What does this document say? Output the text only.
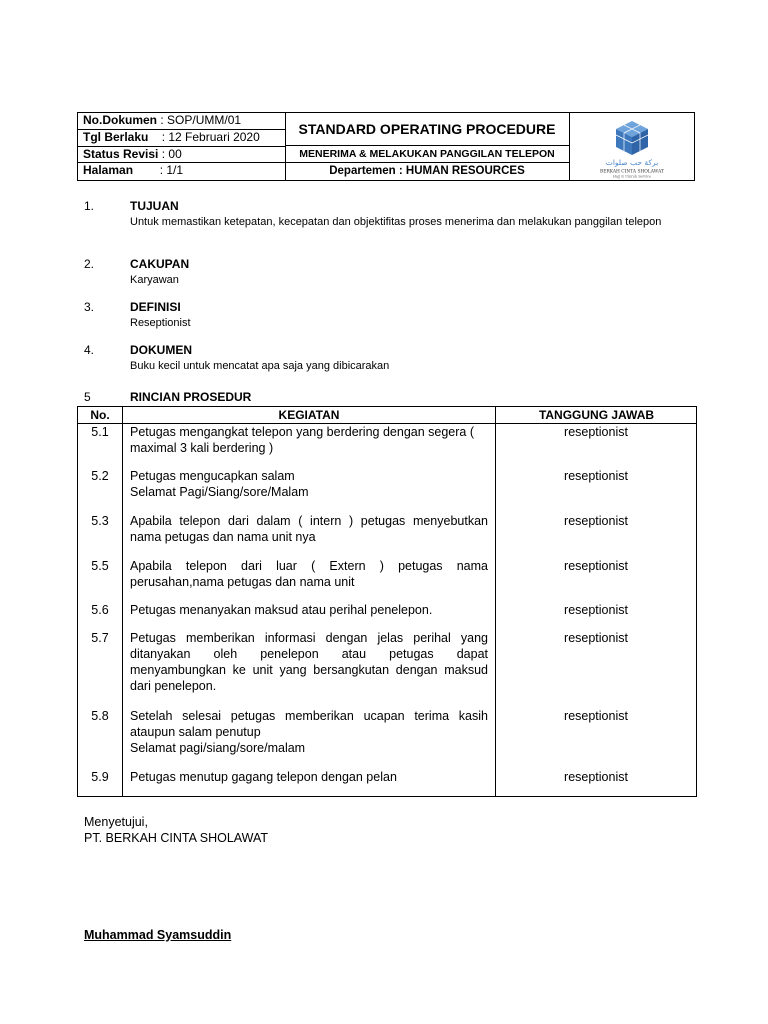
No.Dokumen : SOP/UMM/01
Tgl Berlaku    : 12 Februari 2020
Status Revisi : 00
Halaman        : 1/1
STANDARD OPERATING PROCEDURE
MENERIMA & MELAKUKAN PANGGILAN TELEPON
Departemen : HUMAN RESOURCES
بركة حب صلوات
BERKAH CINTA SHOLAWAT
Hajj & Umroh Service
1.	TUJUAN
Untuk memastikan ketepatan, kecepatan dan objektifitas proses menerima dan melakukan panggilan telepon
2.	CAKUPAN
Karyawan
3.	DEFINISI
Reseptionist
4.	DOKUMEN
Buku kecil untuk mencatat apa saja yang dibicarakan
5	RINCIAN PROSEDUR
No.	KEGIATAN	TANGGUNG JAWAB
5.1	Petugas mengangkat telepon yang berdering dengan segera ( maximal 3 kali berdering )
reseptionist
5.2	Petugas mengucapkan salam
Selamat Pagi/Siang/sore/Malam
reseptionist
5.3	Apabila telepon dari dalam ( intern ) petugas menyebutkan nama petugas dan nama unit nya
reseptionist
5.5	Apabila telepon dari luar ( Extern ) petugas nama perusahan,nama petugas dan nama unit
reseptionist
5.6	Petugas menanyakan maksud atau perihal penelepon.	reseptionist
5.7	Petugas memberikan informasi dengan jelas perihal yang ditanyakan oleh penelepon atau petugas dapat menyambungkan ke unit yang bersangkutan dengan maksud dari penelepon.
reseptionist
5.8	Setelah selesai petugas memberikan ucapan terima kasih ataupun salam penutup
Selamat pagi/siang/sore/malam
reseptionist
5.9	Petugas menutup gagang telepon dengan pelan	reseptionist
Menyetujui,
PT. BERKAH CINTA SHOLAWAT
Muhammad Syamsuddin
